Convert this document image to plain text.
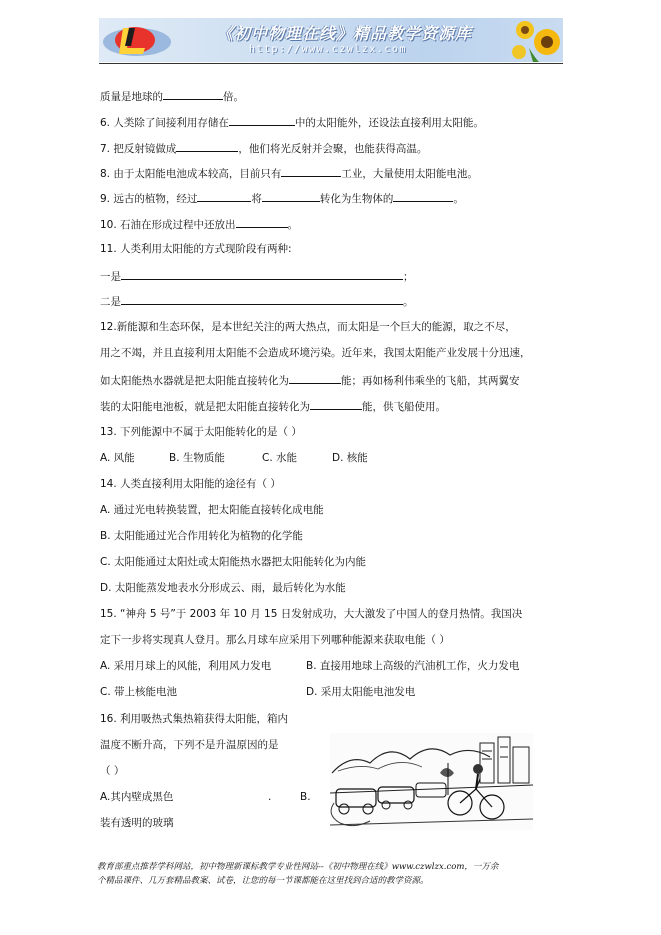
《初中物理在线》精品教学资源库
http://www.czwlzx.com
质量是地球的	倍。
6. 人类除了间接利用存储在	中的太阳能外，还设法直接利用太阳能。
7. 把反射镜做成	，他们将光反射并会聚，也能获得高温。
8. 由于太阳能电池成本较高，目前只有	工业，大量使用太阳能电池。
9. 远古的植物，经过	将	转化为生物体的	。
10. 石油在形成过程中还放出	。
11. 人类利用太阳能的方式现阶段有两种:
一是	；
二是	。
12.新能源和生态环保，是本世纪关注的两大热点，而太阳是一个巨大的能源，取之不尽，
用之不竭，并且直接利用太阳能不会造成环境污染。近年来，我国太阳能产业发展十分迅速，
如太阳能热水器就是把太阳能直接转化为	能；再如杨利伟乘坐的飞船，其两翼安
装的太阳能电池板，就是把太阳能直接转化为	能，供飞船使用。
13. 下列能源中不属于太阳能转化的是（ ）
A. 风能	B. 生物质能	C. 水能	D. 核能
14. 人类直接利用太阳能的途径有（ ）
A. 通过光电转换装置，把太阳能直接转化成电能
B. 太阳能通过光合作用转化为植物的化学能
C. 太阳能通过太阳灶或太阳能热水器把太阳能转化为内能
D. 太阳能蒸发地表水分形成云、雨，最后转化为水能
15. “神舟 5 号”于 2003 年 10 月 15 日发射成功，大大激发了中国人的登月热情。我国决
定下一步将实现真人登月。那么月球车应采用下列哪种能源来获取电能（ ）
A. 采用月球上的风能，利用风力发电	B. 直接用地球上高级的汽油机工作，火力发电
C. 带上核能电池	D. 采用太阳能电池发电
16. 利用吸热式集热箱获得太阳能，箱内
温度不断升高，下列不是升温原因的是
（ ）
A.其内壁成黑色	.	B.
装有透明的玻璃
教育部重点推荐学科网站，初中物理新课标教学专业性网站--《初中物理在线》www.czwlzx.com，一万余
个精品课件、几万套精品教案、试卷，让您的每一节课都能在这里找到合适的教学资源。
